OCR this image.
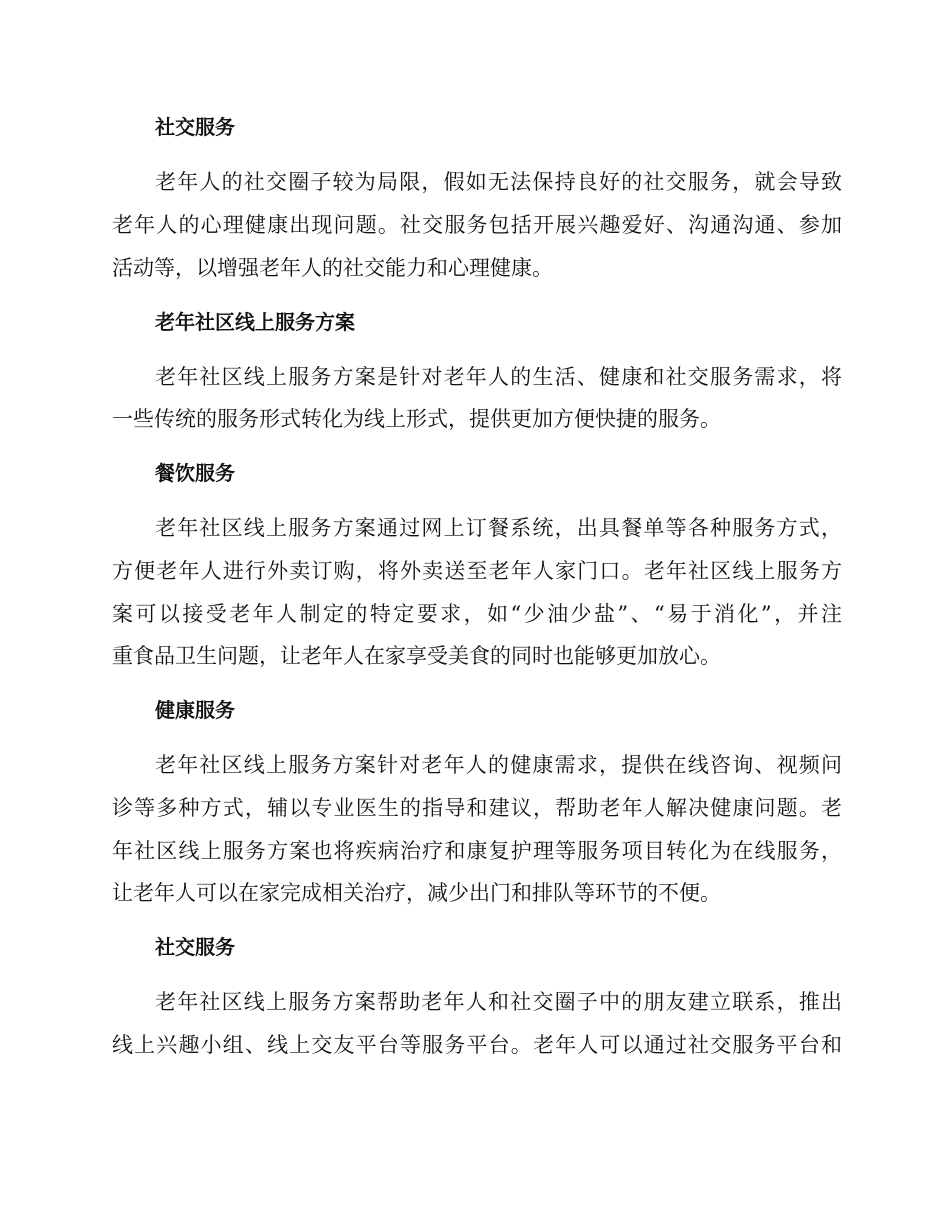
社交服务
老年人的社交圈子较为局限，假如无法保持良好的社交服务，就会导致
老年人的心理健康出现问题。社交服务包括开展兴趣爱好、沟通沟通、参加
活动等，以增强老年人的社交能力和心理健康。
老年社区线上服务方案
老年社区线上服务方案是针对老年人的生活、健康和社交服务需求，将
一些传统的服务形式转化为线上形式，提供更加方便快捷的服务。
餐饮服务
老年社区线上服务方案通过网上订餐系统，出具餐单等各种服务方式，
方便老年人进行外卖订购，将外卖送至老年人家门口。老年社区线上服务方
案可以接受老年人制定的特定要求，如“少油少盐”、“易于消化”，并注
重食品卫生问题，让老年人在家享受美食的同时也能够更加放心。
健康服务
老年社区线上服务方案针对老年人的健康需求，提供在线咨询、视频问
诊等多种方式，辅以专业医生的指导和建议，帮助老年人解决健康问题。老
年社区线上服务方案也将疾病治疗和康复护理等服务项目转化为在线服务，
让老年人可以在家完成相关治疗，减少出门和排队等环节的不便。
社交服务
老年社区线上服务方案帮助老年人和社交圈子中的朋友建立联系，推出
线上兴趣小组、线上交友平台等服务平台。老年人可以通过社交服务平台和
